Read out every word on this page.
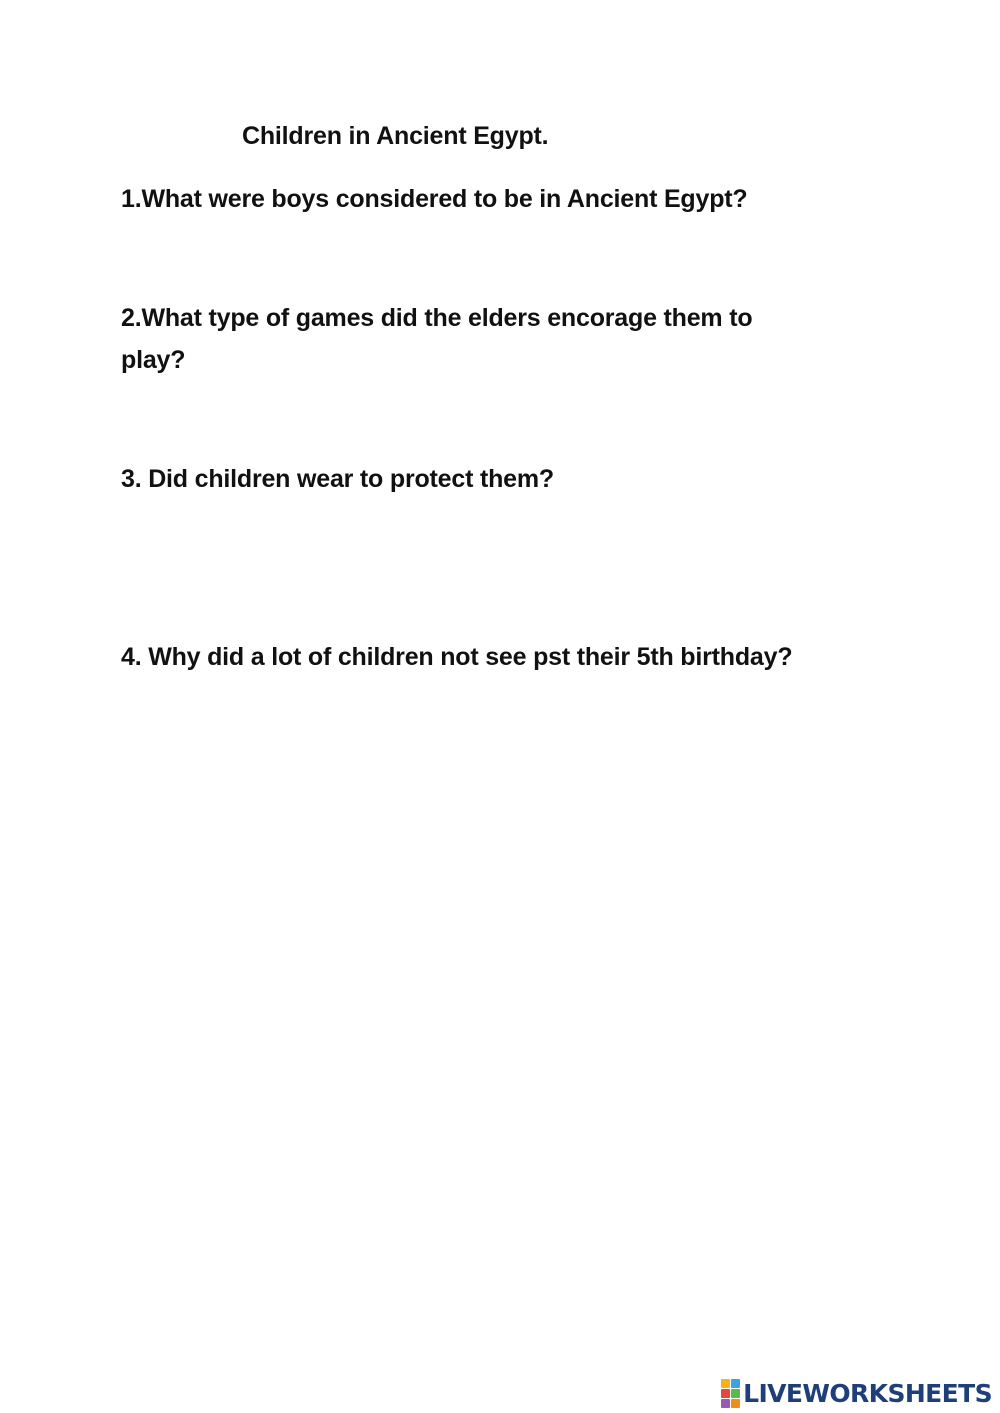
Children in Ancient Egypt.
1.What were boys considered to be in Ancient Egypt?
2.What type of games did the elders encorage them to play?
3. Did children wear to protect them?
4. Why did a lot of children not see pst their 5th birthday?
LIVEWORKSHEETS
